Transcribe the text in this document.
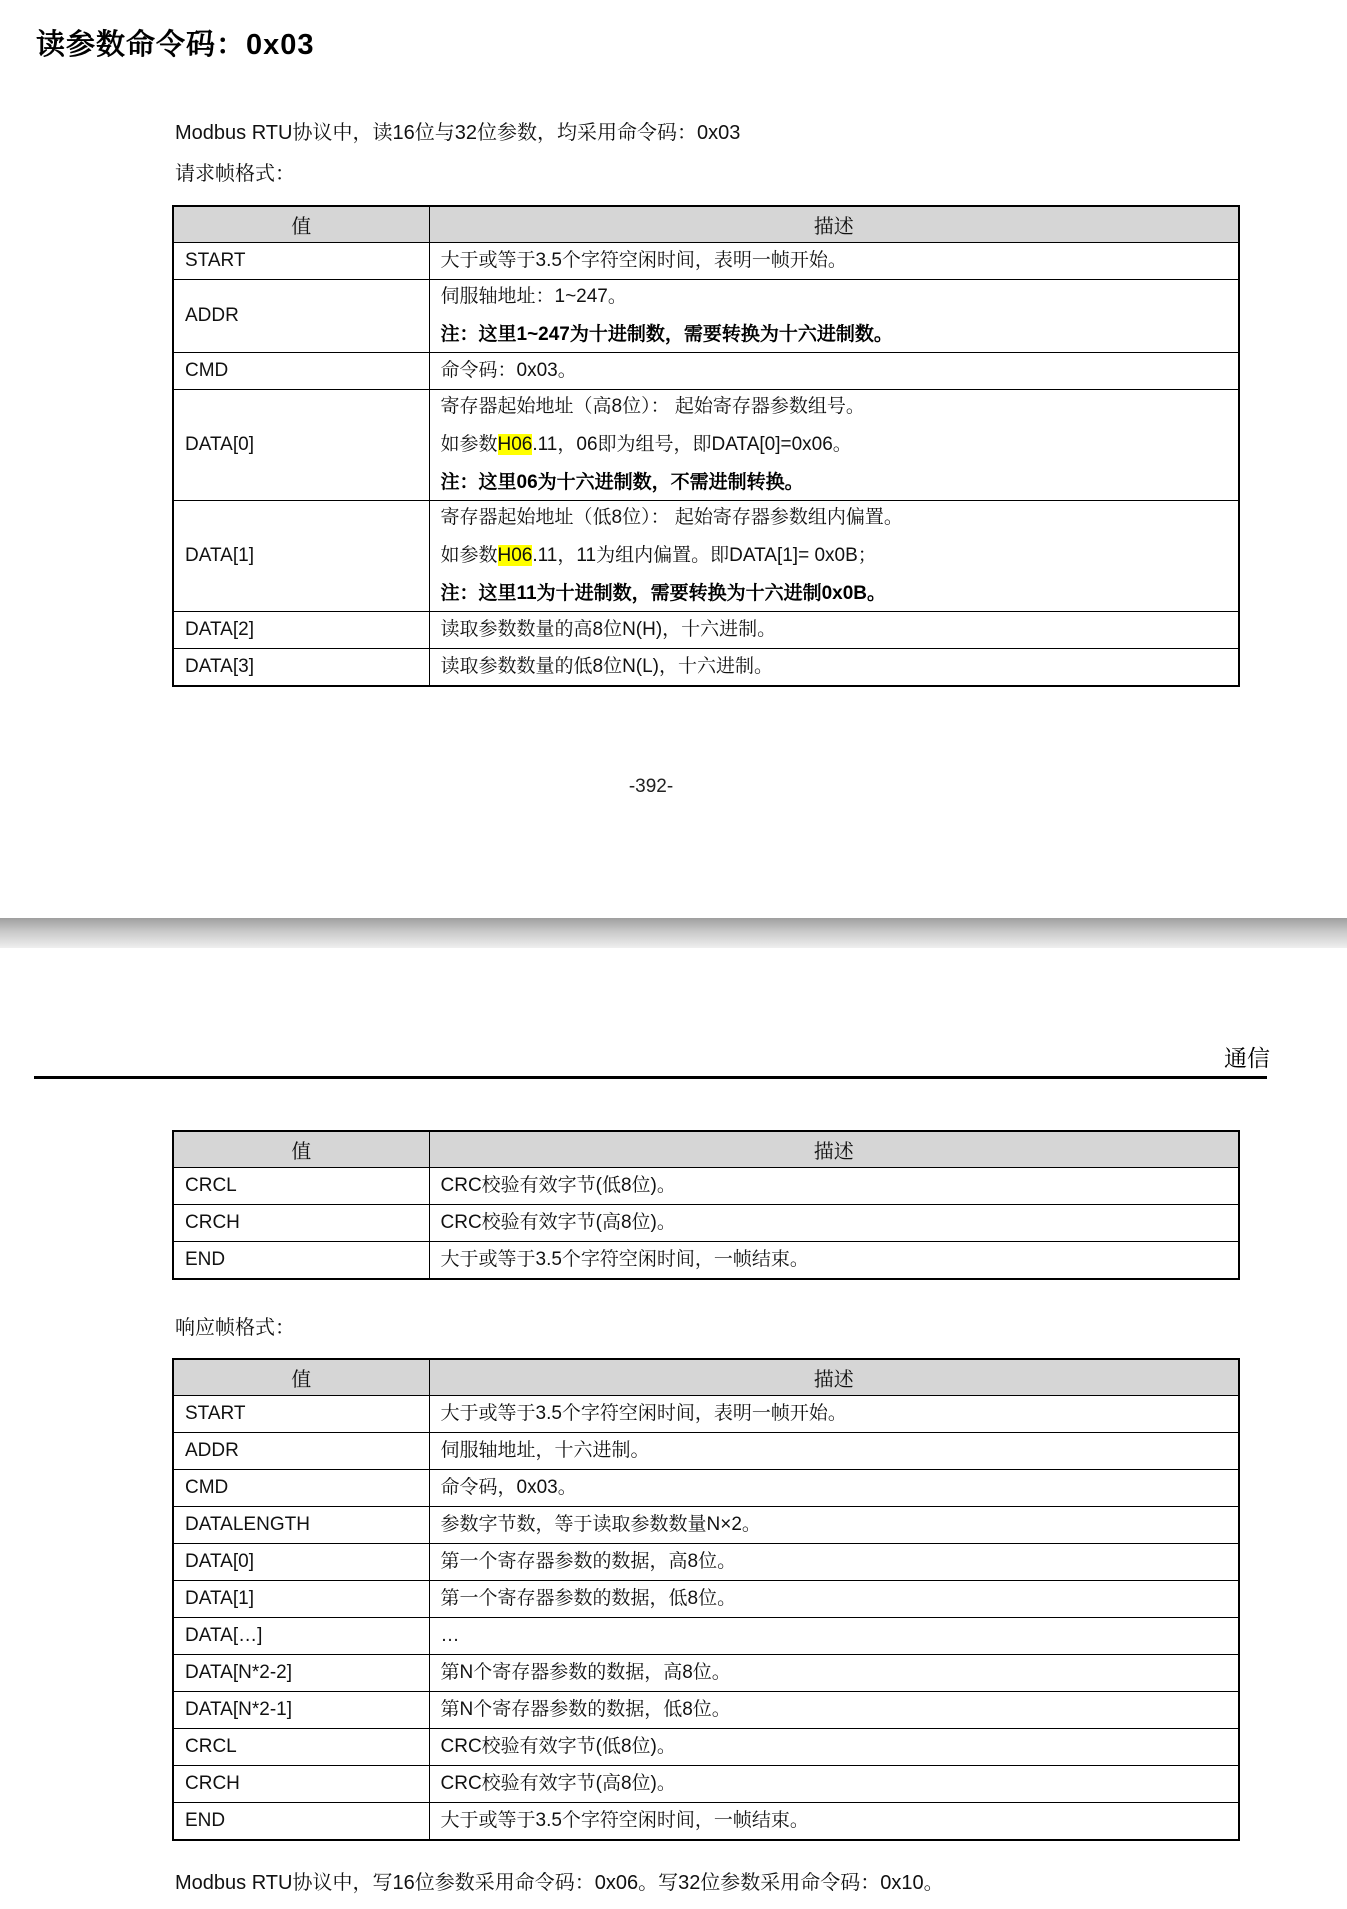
读参数命令码：0x03
Modbus RTU协议中，读16位与32位参数，均采用命令码：0x03
请求帧格式：
值	描述
START	大于或等于3.5个字符空闲时间，表明一帧开始。

ADDR	伺服轴地址：1~247。
注：这里1~247为十进制数，需要转换为十六进制数。

CMD	命令码：0x03。

DATA[0]	寄存器起始地址（高8位）： 起始寄存器参数组号。
如参数H06.11，06即为组号，即DATA[0]=0x06。
注：这里06为十六进制数，不需进制转换。

DATA[1]	寄存器起始地址（低8位）： 起始寄存器参数组内偏置。
如参数H06.11，11为组内偏置。即DATA[1]= 0x0B；
注：这里11为十进制数，需要转换为十六进制0x0B。

DATA[2]	读取参数数量的高8位N(H)，十六进制。

DATA[3]	读取参数数量的低8位N(L)，十六进制。
-392-
通信
值	描述
CRCL	CRC校验有效字节(低8位)。

CRCH	CRC校验有效字节(高8位)。

END	大于或等于3.5个字符空闲时间，一帧结束。
响应帧格式：
值	描述
START	大于或等于3.5个字符空闲时间，表明一帧开始。

ADDR	伺服轴地址，十六进制。

CMD	命令码，0x03。

DATALENGTH	参数字节数，等于读取参数数量N×2。

DATA[0]	第一个寄存器参数的数据，高8位。

DATA[1]	第一个寄存器参数的数据，低8位。

DATA[…]	…

DATA[N*2-2]	第N个寄存器参数的数据，高8位。

DATA[N*2-1]	第N个寄存器参数的数据，低8位。

CRCL	CRC校验有效字节(低8位)。

CRCH	CRC校验有效字节(高8位)。

END	大于或等于3.5个字符空闲时间，一帧结束。
Modbus RTU协议中，写16位参数采用命令码：0x06。写32位参数采用命令码：0x10。
